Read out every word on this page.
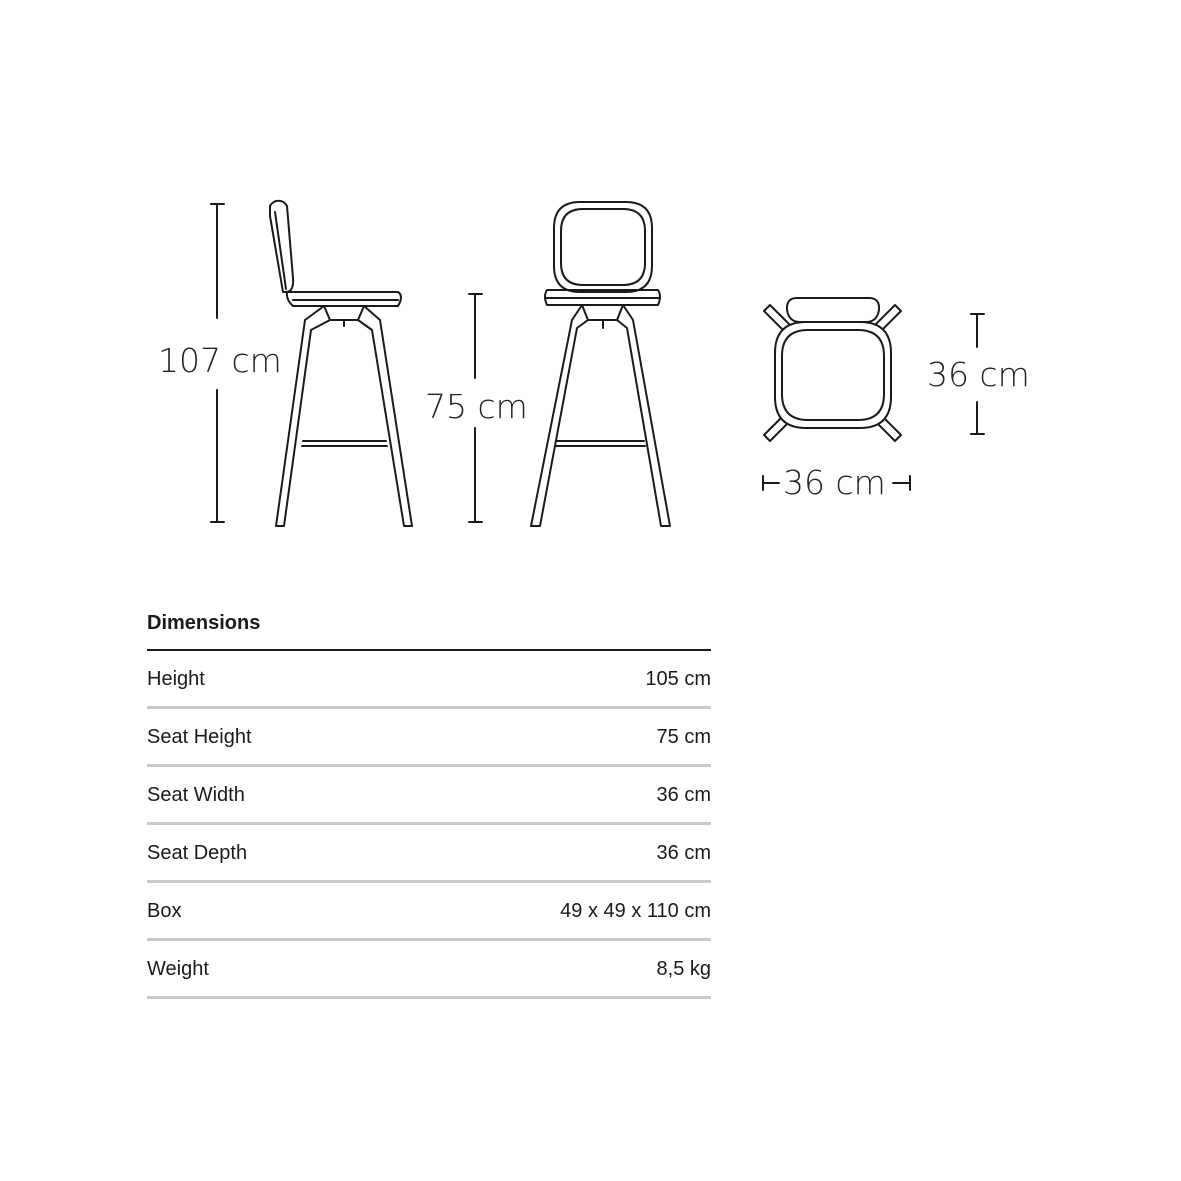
107 cm
75 cm
36 cm
36 cm
Dimensions
Height	105 cm
Seat Height	75 cm
Seat Width	36 cm
Seat Depth	36 cm
Box	49 x 49 x 110 cm
Weight	8,5 kg
